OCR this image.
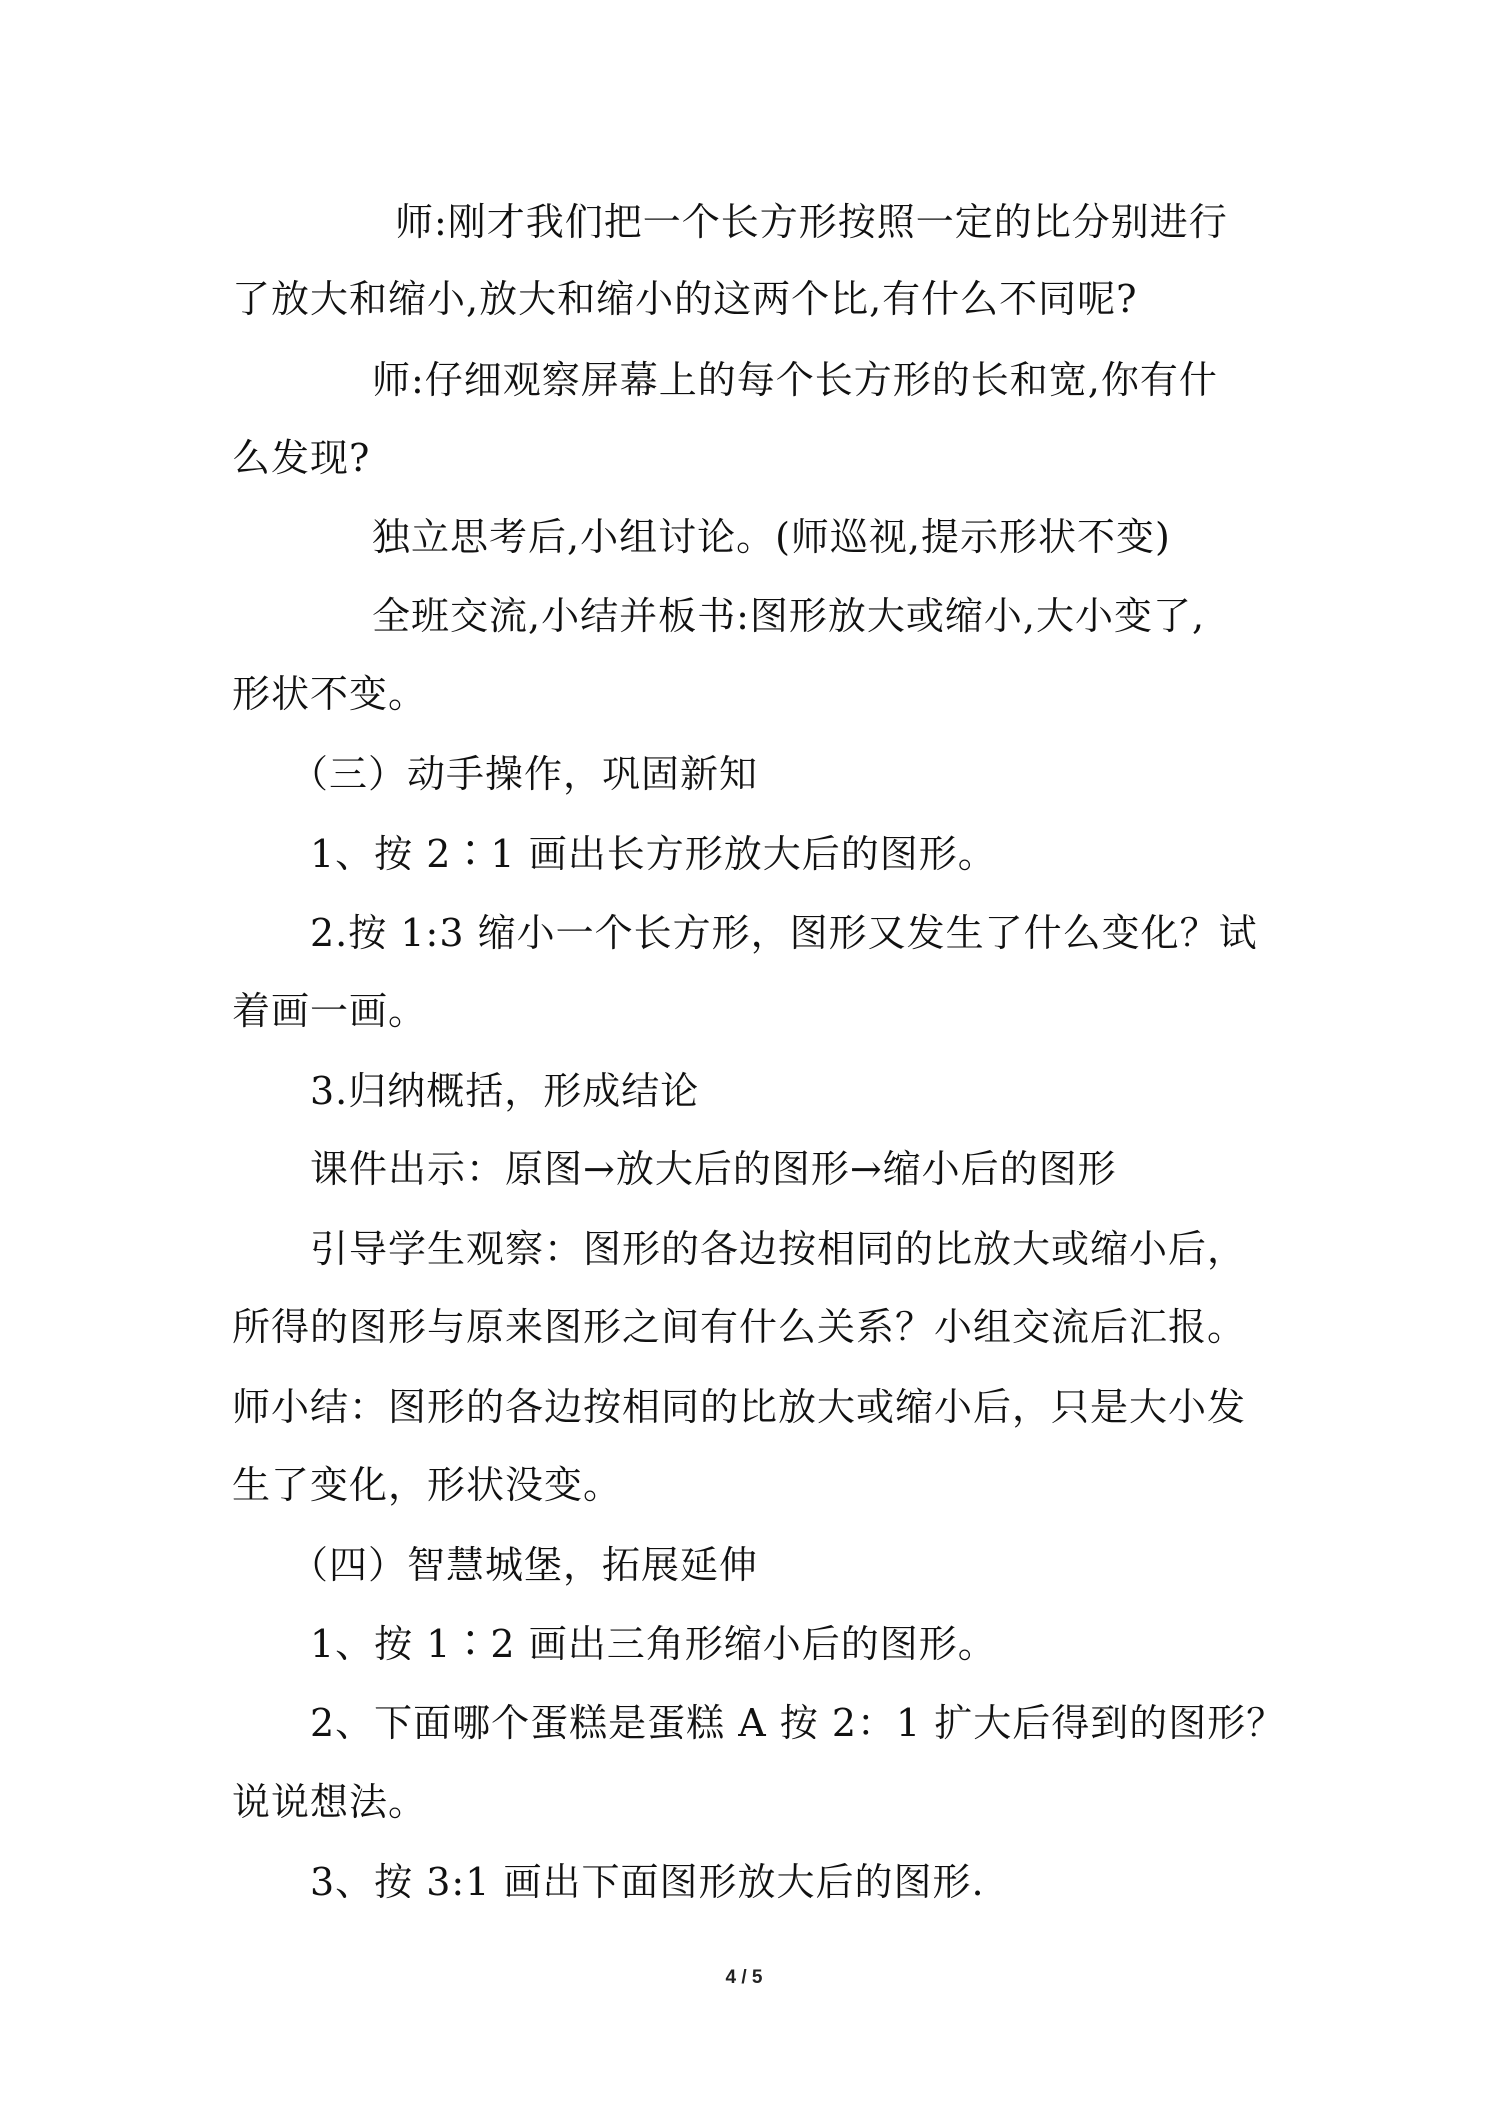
师:刚才我们把一个长方形按照一定的比分别进行
了放大和缩小,放大和缩小的这两个比,有什么不同呢?
师:仔细观察屏幕上的每个长方形的长和宽,你有什
么发现?
独立思考后,小组讨论。(师巡视,提示形状不变)
全班交流,小结并板书:图形放大或缩小,大小变了,
形状不变。
（三）动手操作，巩固新知
1、按 2∶1 画出长方形放大后的图形。
2.按 1:3 缩小一个长方形，图形又发生了什么变化？试
着画一画。
3.归纳概括，形成结论
课件出示：原图→放大后的图形→缩小后的图形
引导学生观察：图形的各边按相同的比放大或缩小后，
所得的图形与原来图形之间有什么关系？小组交流后汇报。
师小结：图形的各边按相同的比放大或缩小后，只是大小发
生了变化，形状没变。
（四）智慧城堡，拓展延伸
1、按 1∶2 画出三角形缩小后的图形。
2、下面哪个蛋糕是蛋糕 A 按 2：1 扩大后得到的图形？
说说想法。
3、按 3:1 画出下面图形放大后的图形.
4 / 5
